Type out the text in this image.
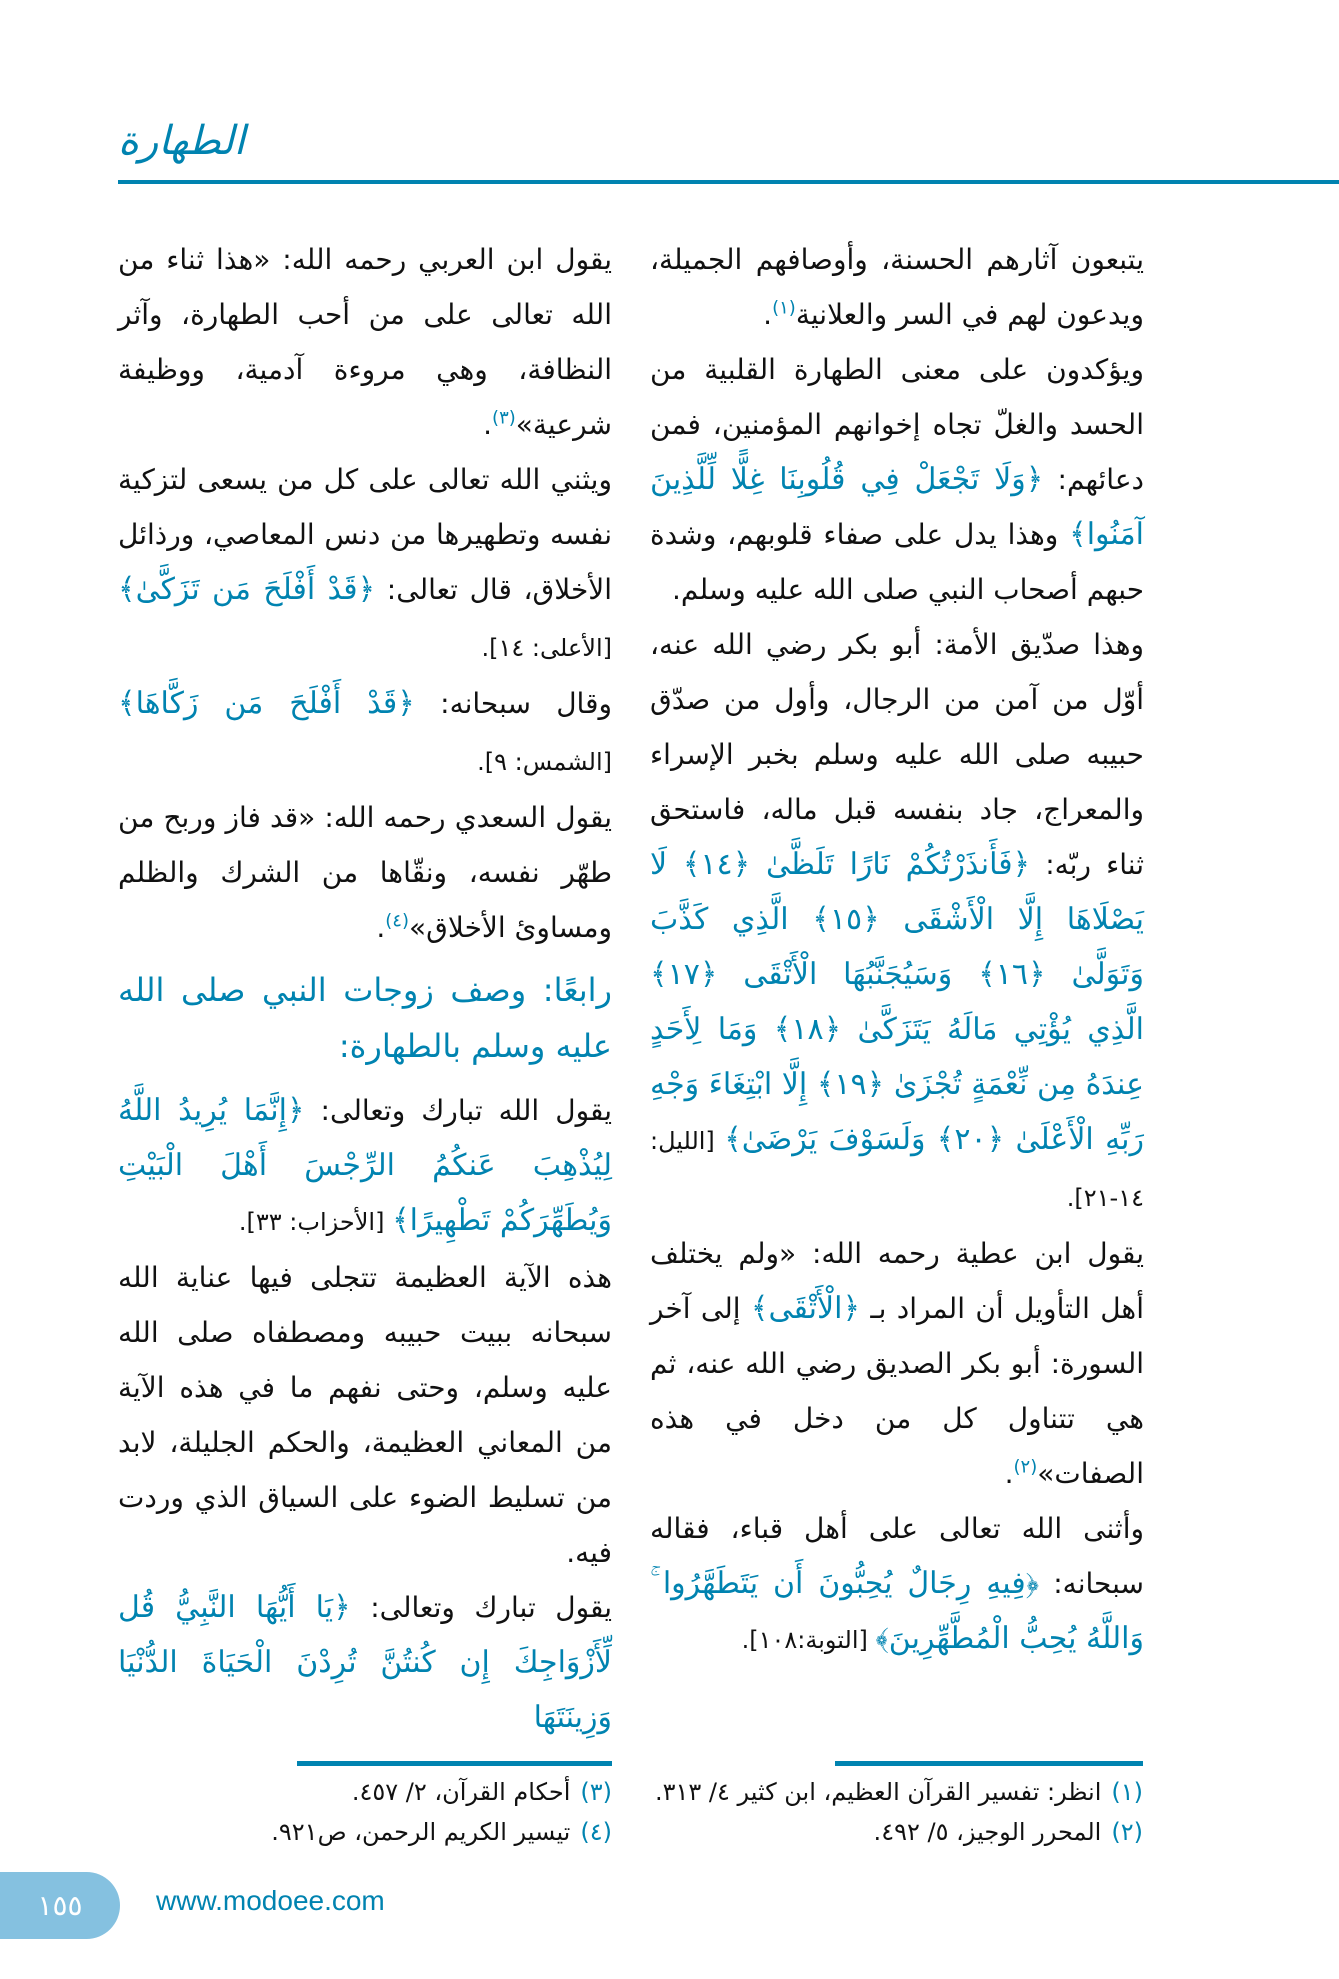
الطهارة

يتبعون آثارهم الحسنة، وأوصافهم الجميلة، ويدعون لهم في السر والعلانية$^{(١)}$.

ويؤكدون على معنى الطهارة القلبية من الحسد والغلّ تجاه إخوانهم المؤمنين، فمن دعائهم: ﴿وَلَا تَجْعَلْ فِي قُلُوبِنَا غِلًّا لِّلَّذِينَ آمَنُوا﴾ وهذا يدل على صفاء قلوبهم، وشدة حبهم أصحاب النبي صلى الله عليه وسلم.

وهذا صدّيق الأمة: أبو بكر رضي الله عنه، أوّل من آمن من الرجال، وأول من صدّق حبيبه صلى الله عليه وسلم بخبر الإسراء والمعراج، جاد بنفسه قبل ماله، فاستحق ثناء ربّه: ﴿فَأَنذَرْتُكُمْ نَارًا تَلَظَّىٰ ﴿١٤﴾ لَا يَصْلَاهَا إِلَّا الْأَشْقَى ﴿١٥﴾ الَّذِي كَذَّبَ وَتَوَلَّىٰ ﴿١٦﴾ وَسَيُجَنَّبُهَا الْأَتْقَى ﴿١٧﴾ الَّذِي يُؤْتِي مَالَهُ يَتَزَكَّىٰ ﴿١٨﴾ وَمَا لِأَحَدٍ عِندَهُ مِن نِّعْمَةٍ تُجْزَىٰ ﴿١٩﴾ إِلَّا ابْتِغَاءَ وَجْهِ رَبِّهِ الْأَعْلَىٰ ﴿٢٠﴾ وَلَسَوْفَ يَرْضَىٰ﴾ [الليل: ١٤-٢١].

يقول ابن عطية رحمه الله: «ولم يختلف أهل التأويل أن المراد بـ ﴿الْأَتْقَى﴾ إلى آخر السورة: أبو بكر الصديق رضي الله عنه، ثم هي تتناول كل من دخل في هذه الصفات»$^{(٢)}$.

وأثنى الله تعالى على أهل قباء، فقاله سبحانه: ﴿فِيهِ رِجَالٌ يُحِبُّونَ أَن يَتَطَهَّرُوا ۚ وَاللَّهُ يُحِبُّ الْمُطَّهِّرِينَ﴾ [التوبة:١٠٨].

يقول ابن العربي رحمه الله: «هذا ثناء من الله تعالى على من أحب الطهارة، وآثر النظافة، وهي مروءة آدمية، ووظيفة شرعية»$^{(٣)}$.

ويثني الله تعالى على كل من يسعى لتزكية نفسه وتطهيرها من دنس المعاصي، ورذائل الأخلاق، قال تعالى: ﴿قَدْ أَفْلَحَ مَن تَزَكَّىٰ﴾ [الأعلى: ١٤].

وقال سبحانه: ﴿قَدْ أَفْلَحَ مَن زَكَّاهَا﴾ [الشمس: ٩].

يقول السعدي رحمه الله: «قد فاز وربح من طهّر نفسه، ونقّاها من الشرك والظلم ومساوئ الأخلاق»$^{(٤)}$.

رابعًا: وصف زوجات النبي صلى الله عليه وسلم بالطهارة:

يقول الله تبارك وتعالى: ﴿إِنَّمَا يُرِيدُ اللَّهُ لِيُذْهِبَ عَنكُمُ الرِّجْسَ أَهْلَ الْبَيْتِ وَيُطَهِّرَكُمْ تَطْهِيرًا﴾ [الأحزاب: ٣٣].

هذه الآية العظيمة تتجلى فيها عناية الله سبحانه ببيت حبيبه ومصطفاه صلى الله عليه وسلم، وحتى نفهم ما في هذه الآية من المعاني العظيمة، والحكم الجليلة، لابد من تسليط الضوء على السياق الذي وردت فيه.

يقول تبارك وتعالى: ﴿يَا أَيُّهَا النَّبِيُّ قُل لِّأَزْوَاجِكَ إِن كُنتُنَّ تُرِدْنَ الْحَيَاةَ الدُّنْيَا وَزِينَتَهَا

(١)انظر: تفسير القرآن العظيم، ابن كثير ٤/ ٣١٣.
(٢)المحرر الوجيز، ٥/ ٤٩٢.
(٣)أحكام القرآن، ٢/ ٤٥٧.
(٤)تيسير الكريم الرحمن، ص٩٢١.
١٥٥	www.modoee.com
